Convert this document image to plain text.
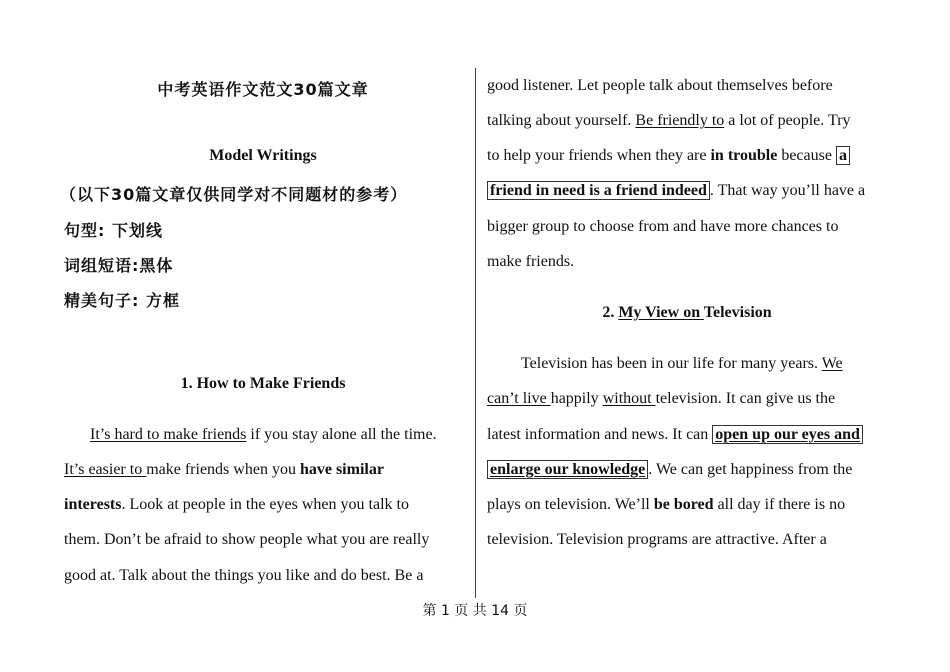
中考英语作文范文30篇文章
Model Writings
（以下30篇文章仅供同学对不同题材的参考）
句型: 下划线
词组短语:黑体
精美句子: 方框
1. How to Make Friends
It’s hard to make friends if you stay alone all the time.
It’s easier to make friends when you have similar
interests. Look at people in the eyes when you talk to
them. Don’t be afraid to show people what you are really
good at. Talk about the things you like and do best. Be a
good listener. Let people talk about themselves before
talking about yourself. Be friendly to a lot of people. Try
to help your friends when they are in trouble because a
friend in need is a friend indeed . That way you’ll have a
bigger group to choose from and have more chances to
make friends.
2. My View on Television
Television has been in our life for many years. We
can’t live happily without television. It can give us the
latest information and news. It can open up our eyes and
enlarge our knowledge . We can get happiness from the
plays on television. We’ll be bored all day if there is no
television. Television programs are attractive. After a
第 1 页 共 14 页
